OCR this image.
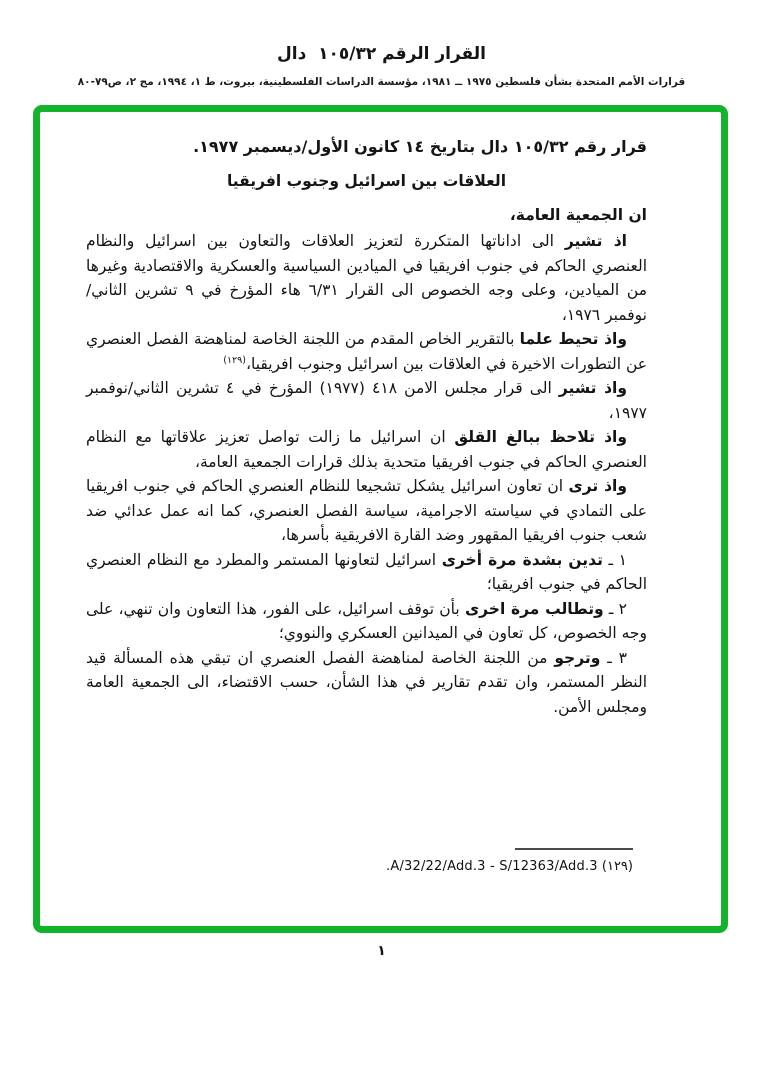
القرار الرقم ١٠٥/٣٢  دال
قرارات الأمم المتحدة بشأن فلسطين ١٩٧٥ ــ ١٩٨١، مؤسسة الدراسات الفلسطينية، بيروت، ط ١، ١٩٩٤، مج ٢، ص٧٩-٨٠
قرار رقم ١٠٥/٣٢ دال بتاريخ ١٤ كانون الأول/ديسمبر ١٩٧٧.
العلاقات بين اسرائيل وجنوب افريقيا
ان الجمعية العامة،

اذ تشير الى اداناتها المتكررة لتعزيز العلاقات والتعاون بين اسرائيل والنظام العنصري الحاكم في جنوب افريقيا في الميادين السياسية والعسكرية والاقتصادية وغيرها من الميادين، وعلى وجه الخصوص الى القرار ٦/٣١ هاء المؤرخ في ٩ تشرين الثاني/نوفمبر ١٩٧٦،

واذ تحيط علما بالتقرير الخاص المقدم من اللجنة الخاصة لمناهضة الفصل العنصري عن التطورات الاخيرة في العلاقات بين اسرائيل وجنوب افريقيا،$^{(١٢٩)}$

واذ تشير الى قرار مجلس الامن ٤١٨ (١٩٧٧) المؤرخ في ٤ تشرين الثاني/نوفمبر ١٩٧٧،

واذ تلاحظ ببالغ القلق ان اسرائيل ما زالت تواصل تعزيز علاقاتها مع النظام العنصري الحاكم في جنوب افريقيا متحدية بذلك قرارات الجمعية العامة،

واذ ترى ان تعاون اسرائيل يشكل تشجيعا للنظام العنصري الحاكم في جنوب افريقيا على التمادي في سياسته الاجرامية، سياسة الفصل العنصري، كما انه عمل عدائي ضد شعب جنوب افريقيا المقهور وضد القارة الافريقية بأسرها،

١ ـ تدين بشدة مرة أخرى اسرائيل لتعاونها المستمر والمطرد مع النظام العنصري الحاكم في جنوب افريقيا؛

٢ ـ وتطالب مرة اخرى بأن توقف اسرائيل، على الفور، هذا التعاون وان تنهي، على وجه الخصوص، كل تعاون في الميدانين العسكري والنووي؛

٣ ـ وترجو من اللجنة الخاصة لمناهضة الفصل العنصري ان تبقي هذه المسألة قيد النظر المستمر، وان تقدم تقارير في هذا الشأن، حسب الاقتضاء، الى الجمعية العامة ومجلس الأمن.

(١٢٩) A/32/22/Add.3 - S/12363/Add.3.
١
